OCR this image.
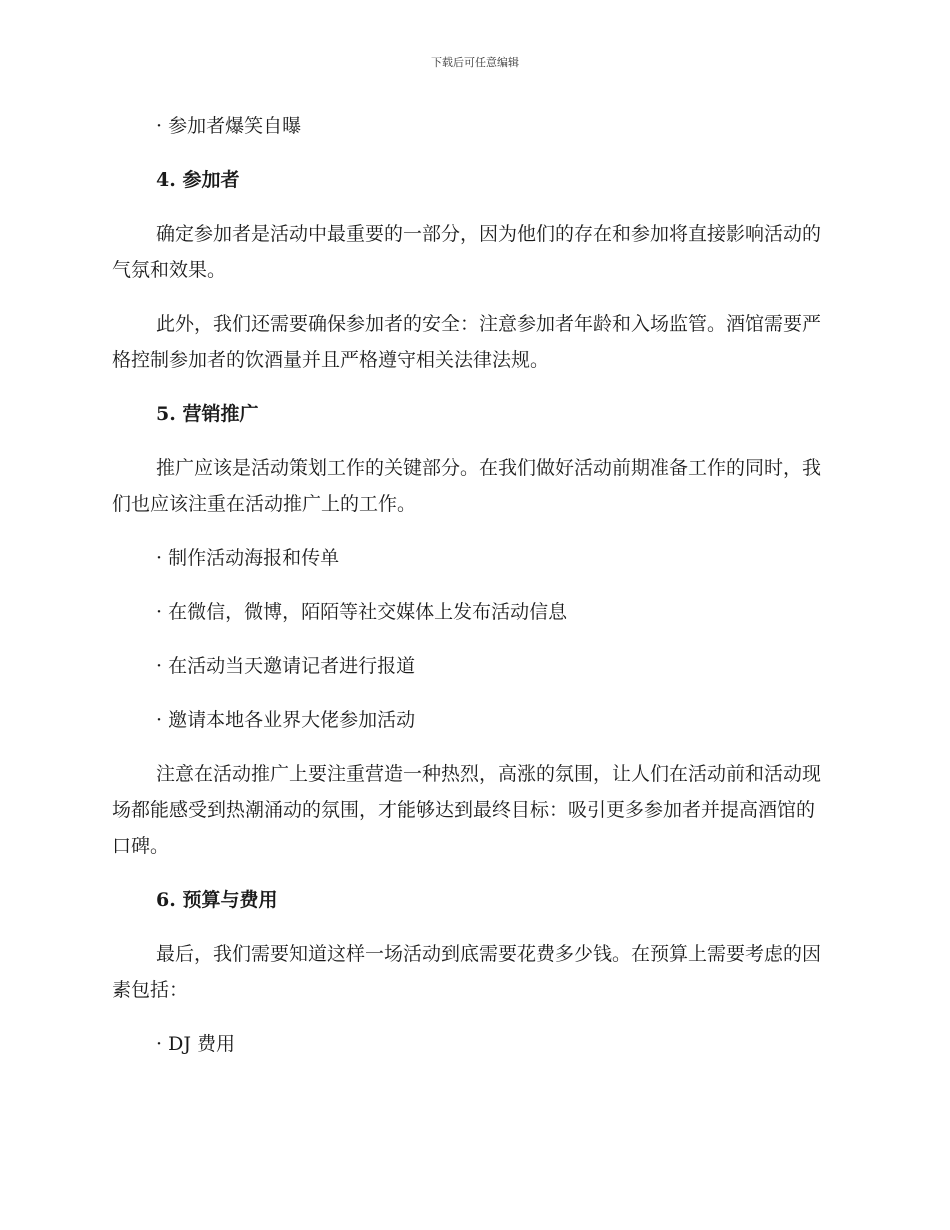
下载后可任意编辑

· 参加者爆笑自曝

4. 参加者

确定参加者是活动中最重要的一部分，因为他们的存在和参加将直接影响活动的气氛和效果。

此外，我们还需要确保参加者的安全：注意参加者年龄和入场监管。酒馆需要严格控制参加者的饮酒量并且严格遵守相关法律法规。

5. 营销推广

推广应该是活动策划工作的关键部分。在我们做好活动前期准备工作的同时，我们也应该注重在活动推广上的工作。

· 制作活动海报和传单

· 在微信，微博，陌陌等社交媒体上发布活动信息

· 在活动当天邀请记者进行报道

· 邀请本地各业界大佬参加活动

注意在活动推广上要注重营造一种热烈，高涨的氛围，让人们在活动前和活动现场都能感受到热潮涌动的氛围，才能够达到最终目标：吸引更多参加者并提高酒馆的口碑。

6. 预算与费用

最后，我们需要知道这样一场活动到底需要花费多少钱。在预算上需要考虑的因素包括：

· DJ 费用
